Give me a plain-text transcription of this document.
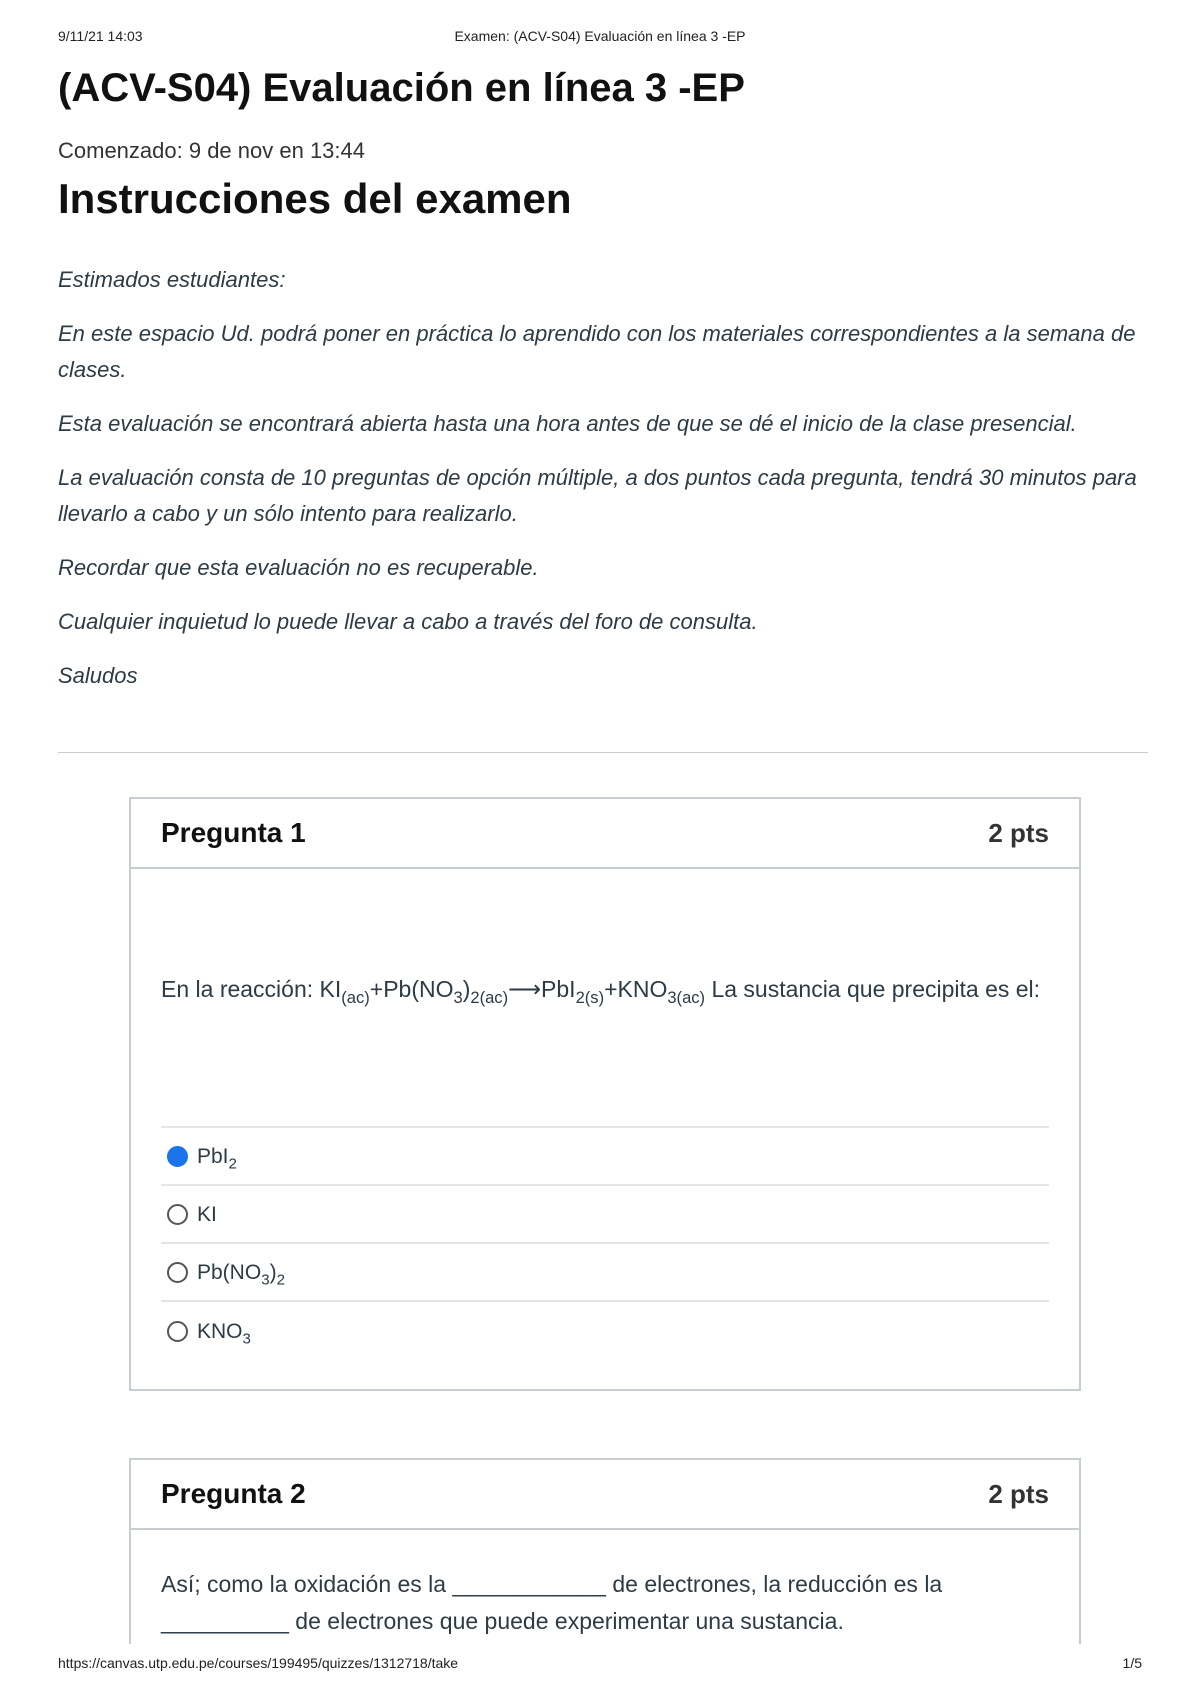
9/11/21 14:03	Examen: (ACV-S04) Evaluación en línea 3 -EP
(ACV-S04) Evaluación en línea 3 -EP
Comenzado: 9 de nov en 13:44
Instrucciones del examen

Estimados estudiantes:

En este espacio Ud. podrá poner en práctica lo aprendido con los materiales correspondientes a la semana de clases.

Esta evaluación se encontrará abierta hasta una hora antes de que se dé el inicio de la clase presencial.

La evaluación consta de 10 preguntas de opción múltiple, a dos puntos cada pregunta, tendrá 30 minutos para llevarlo a cabo y un sólo intento para realizarlo.

Recordar que esta evaluación no es recuperable.

Cualquier inquietud lo puede llevar a cabo a través del foro de consulta.

Saludos

Pregunta 1	2 pts

En la reacción: $KI_{(ac)}+Pb(NO_3)_{2(ac)}⟶PbI_{2(s)}+KNO_{3(ac)}$ La sustancia que precipita es el:

PbI$_2$
KI
$Pb(NO_3)_2$
$KNO_3$
Pregunta 2	2 pts

Así; como la oxidación es la ____________ de electrones, la reducción es la __________ de electrones que puede experimentar una sustancia.

https://canvas.utp.edu.pe/courses/199495/quizzes/1312718/take	1/5
